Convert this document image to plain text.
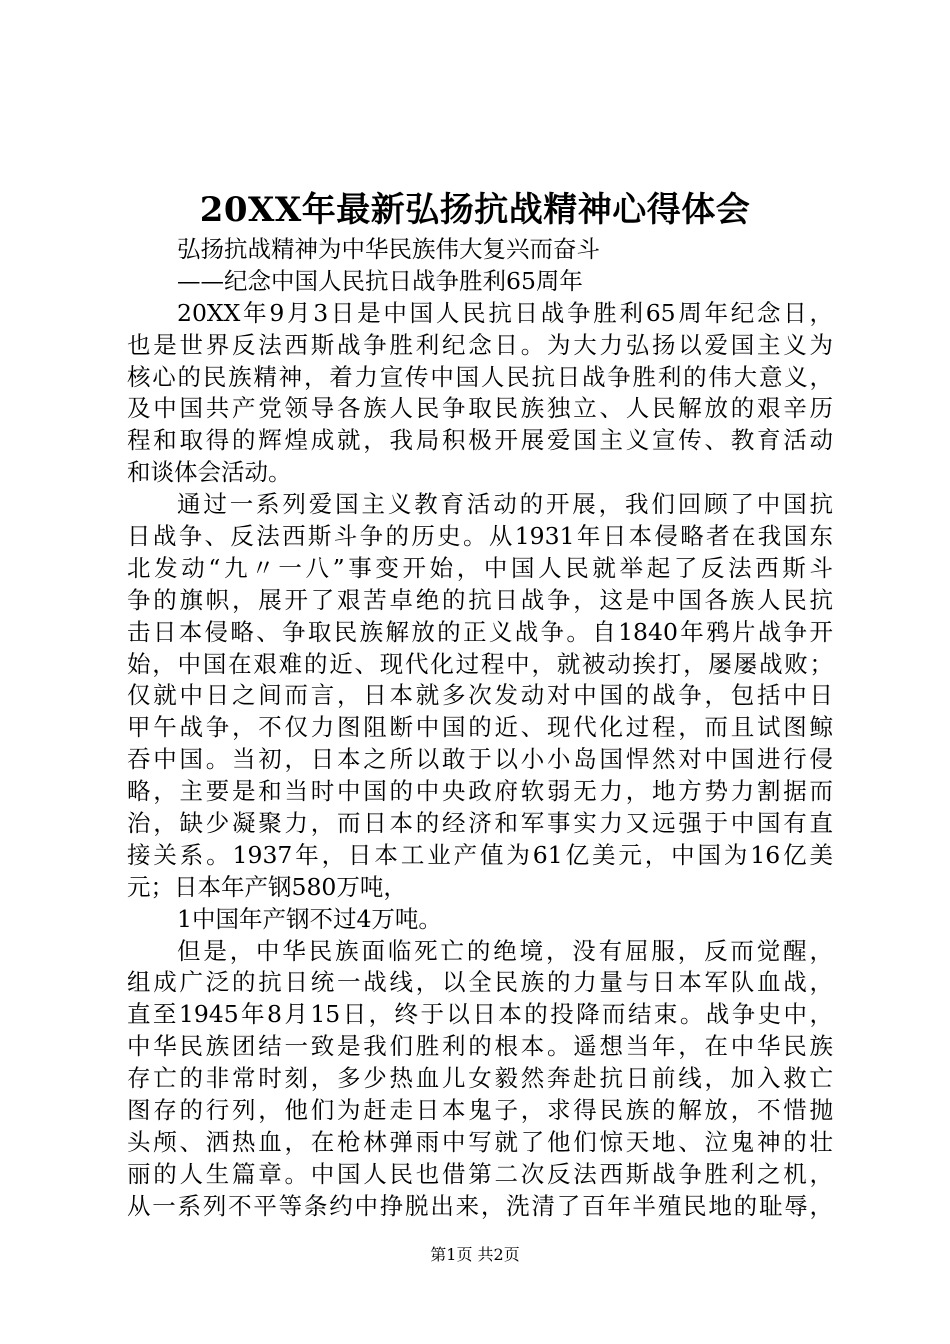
20XX年最新弘扬抗战精神心得体会
弘扬抗战精神为中华民族伟大复兴而奋斗
——纪念中国人民抗日战争胜利65周年
20XX年9月3日是中国人民抗日战争胜利65周年纪念日，
也是世界反法西斯战争胜利纪念日。为大力弘扬以爱国主义为
核心的民族精神，着力宣传中国人民抗日战争胜利的伟大意义，
及中国共产党领导各族人民争取民族独立、人民解放的艰辛历
程和取得的辉煌成就，我局积极开展爱国主义宣传、教育活动
和谈体会活动。
通过一系列爱国主义教育活动的开展，我们回顾了中国抗
日战争、反法西斯斗争的历史。从1931年日本侵略者在我国东
北发动“九〃一八”事变开始，中国人民就举起了反法西斯斗
争的旗帜，展开了艰苦卓绝的抗日战争，这是中国各族人民抗
击日本侵略、争取民族解放的正义战争。自1840年鸦片战争开
始，中国在艰难的近、现代化过程中，就被动挨打，屡屡战败；
仅就中日之间而言，日本就多次发动对中国的战争，包括中日
甲午战争，不仅力图阻断中国的近、现代化过程，而且试图鲸
吞中国。当初，日本之所以敢于以小小岛国悍然对中国进行侵
略，主要是和当时中国的中央政府软弱无力，地方势力割据而
治，缺少凝聚力，而日本的经济和军事实力又远强于中国有直
接关系。1937年，日本工业产值为61亿美元，中国为16亿美
元；日本年产钢580万吨，
1中国年产钢不过4万吨。
但是，中华民族面临死亡的绝境，没有屈服，反而觉醒，
组成广泛的抗日统一战线，以全民族的力量与日本军队血战，
直至1945年8月15日，终于以日本的投降而结束。战争史中，
中华民族团结一致是我们胜利的根本。遥想当年，在中华民族
存亡的非常时刻，多少热血儿女毅然奔赴抗日前线，加入救亡
图存的行列，他们为赶走日本鬼子，求得民族的解放，不惜抛
头颅、洒热血，在枪林弹雨中写就了他们惊天地、泣鬼神的壮
丽的人生篇章。中国人民也借第二次反法西斯战争胜利之机，
从一系列不平等条约中挣脱出来，洗清了百年半殖民地的耻辱，
第1页 共2页
